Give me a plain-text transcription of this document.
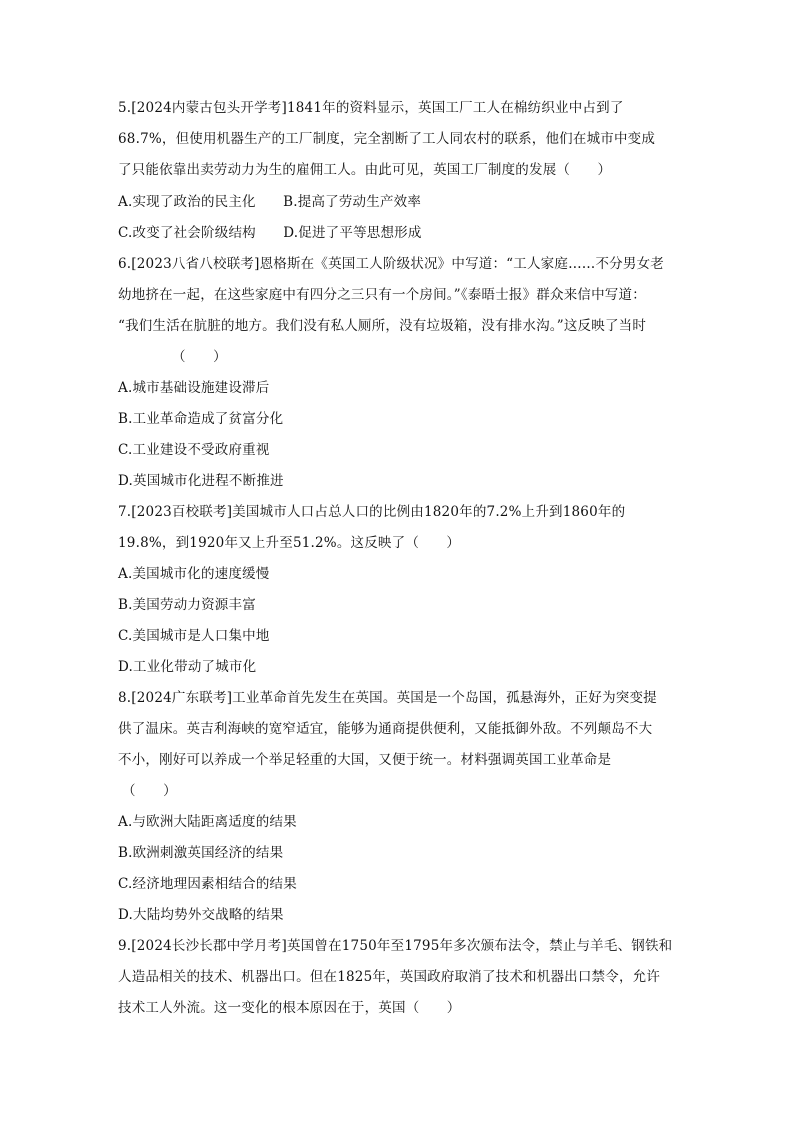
5.[2024内蒙古包头开学考]1841年的资料显示，英国工厂工人在棉纺织业中占到了
68.7%，但使用机器生产的工厂制度，完全割断了工人同农村的联系，他们在城市中变成
了只能依靠出卖劳动力为生的雇佣工人。由此可见，英国工厂制度的发展（　　）
A.实现了政治的民主化　　B.提高了劳动生产效率
C.改变了社会阶级结构　　D.促进了平等思想形成
6.[2023八省八校联考]恩格斯在《英国工人阶级状况》中写道：“工人家庭……不分男女老
幼地挤在一起，在这些家庭中有四分之三只有一个房间。”《泰晤士报》群众来信中写道：
“我们生活在肮脏的地方。我们没有私人厕所，没有垃圾箱，没有排水沟。”这反映了当时
（　　）
A.城市基础设施建设滞后
B.工业革命造成了贫富分化
C.工业建设不受政府重视
D.英国城市化进程不断推进
7.[2023百校联考]美国城市人口占总人口的比例由1820年的7.2%上升到1860年的
19.8%，到1920年又上升至51.2%。这反映了（　　）
A.美国城市化的速度缓慢
B.美国劳动力资源丰富
C.美国城市是人口集中地
D.工业化带动了城市化
8.[2024广东联考]工业革命首先发生在英国。英国是一个岛国，孤悬海外，正好为突变提
供了温床。英吉利海峡的宽窄适宜，能够为通商提供便利，又能抵御外敌。不列颠岛不大
不小，刚好可以养成一个举足轻重的大国，又便于统一。材料强调英国工业革命是
（　　）
A.与欧洲大陆距离适度的结果
B.欧洲刺激英国经济的结果
C.经济地理因素相结合的结果
D.大陆均势外交战略的结果
9.[2024长沙长郡中学月考]英国曾在1750年至1795年多次颁布法令，禁止与羊毛、钢铁和
人造品相关的技术、机器出口。但在1825年，英国政府取消了技术和机器出口禁令，允许
技术工人外流。这一变化的根本原因在于，英国（　　）
